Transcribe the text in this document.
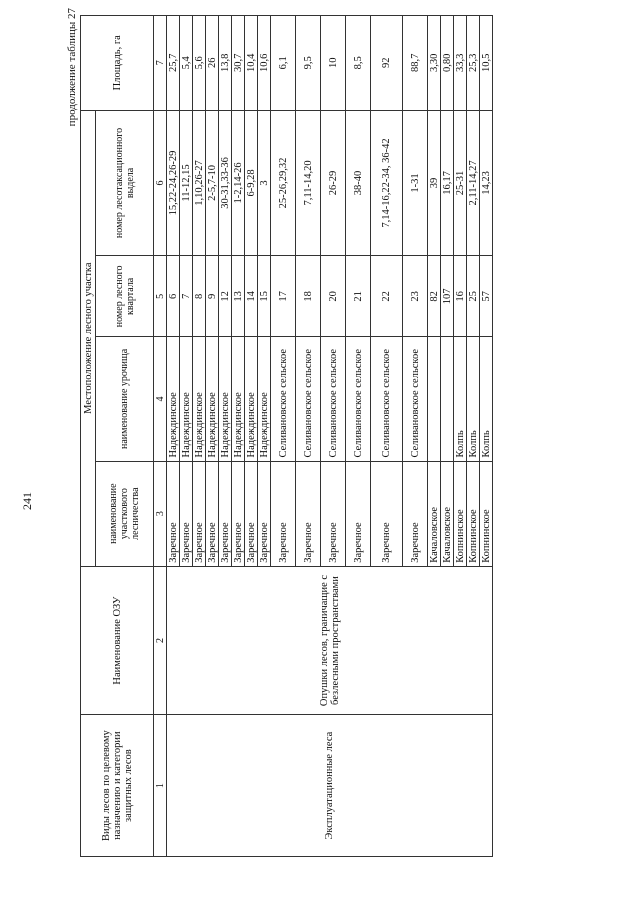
241
продолжение таблицы 27
Виды лесов по целевому назначению и категории защитных лесов	Наименование ОЗУ	Местоположение лесного участка				Площадь, га
		наименование участкового лесничества	наименование урочища	номер лесного квартала	номер лесотаксационного выдела	
1	2	3	4	5	6	7
Эксплуатационные леса	Опушки лесов, граничащие с безлесными пространствами	Заречное	Надеждинское	6	15,22-24,26-29	25,7
		Заречное	Надеждинское	7	11-12,15	5,4
		Заречное	Надеждинское	8	1,10,26-27	5,6
		Заречное	Надеждинское	9	2-5,7-10	26
		Заречное	Надеждинское	12	30-31,33-36	13,8
		Заречное	Надеждинское	13	1-2,14-26	30,7
		Заречное	Надеждинское	14	6-9,28	10,4
		Заречное	Надеждинское	15	3	10,6
		Заречное	Селивановское сельское	17	25-26,29,32	6,1
		Заречное	Селивановское сельское	18	7,11-14,20	9,5
		Заречное	Селивановское сельское	20	26-29	10
		Заречное	Селивановское сельское	21	38-40	8,5
		Заречное	Селивановское сельское	22	7,14-16,22-34, 36-42	92
		Заречное	Селивановское сельское	23	1-31	88,7
		Качаловское		82	39	3,30
		Качаловское		107	16,17	0,80
		Копнинское	Колпь	16	25-31	33,3
		Копнинское	Колпь	25	2,11-14,27	25,3
		Копнинское	Колпь	57	14,23	10,5
